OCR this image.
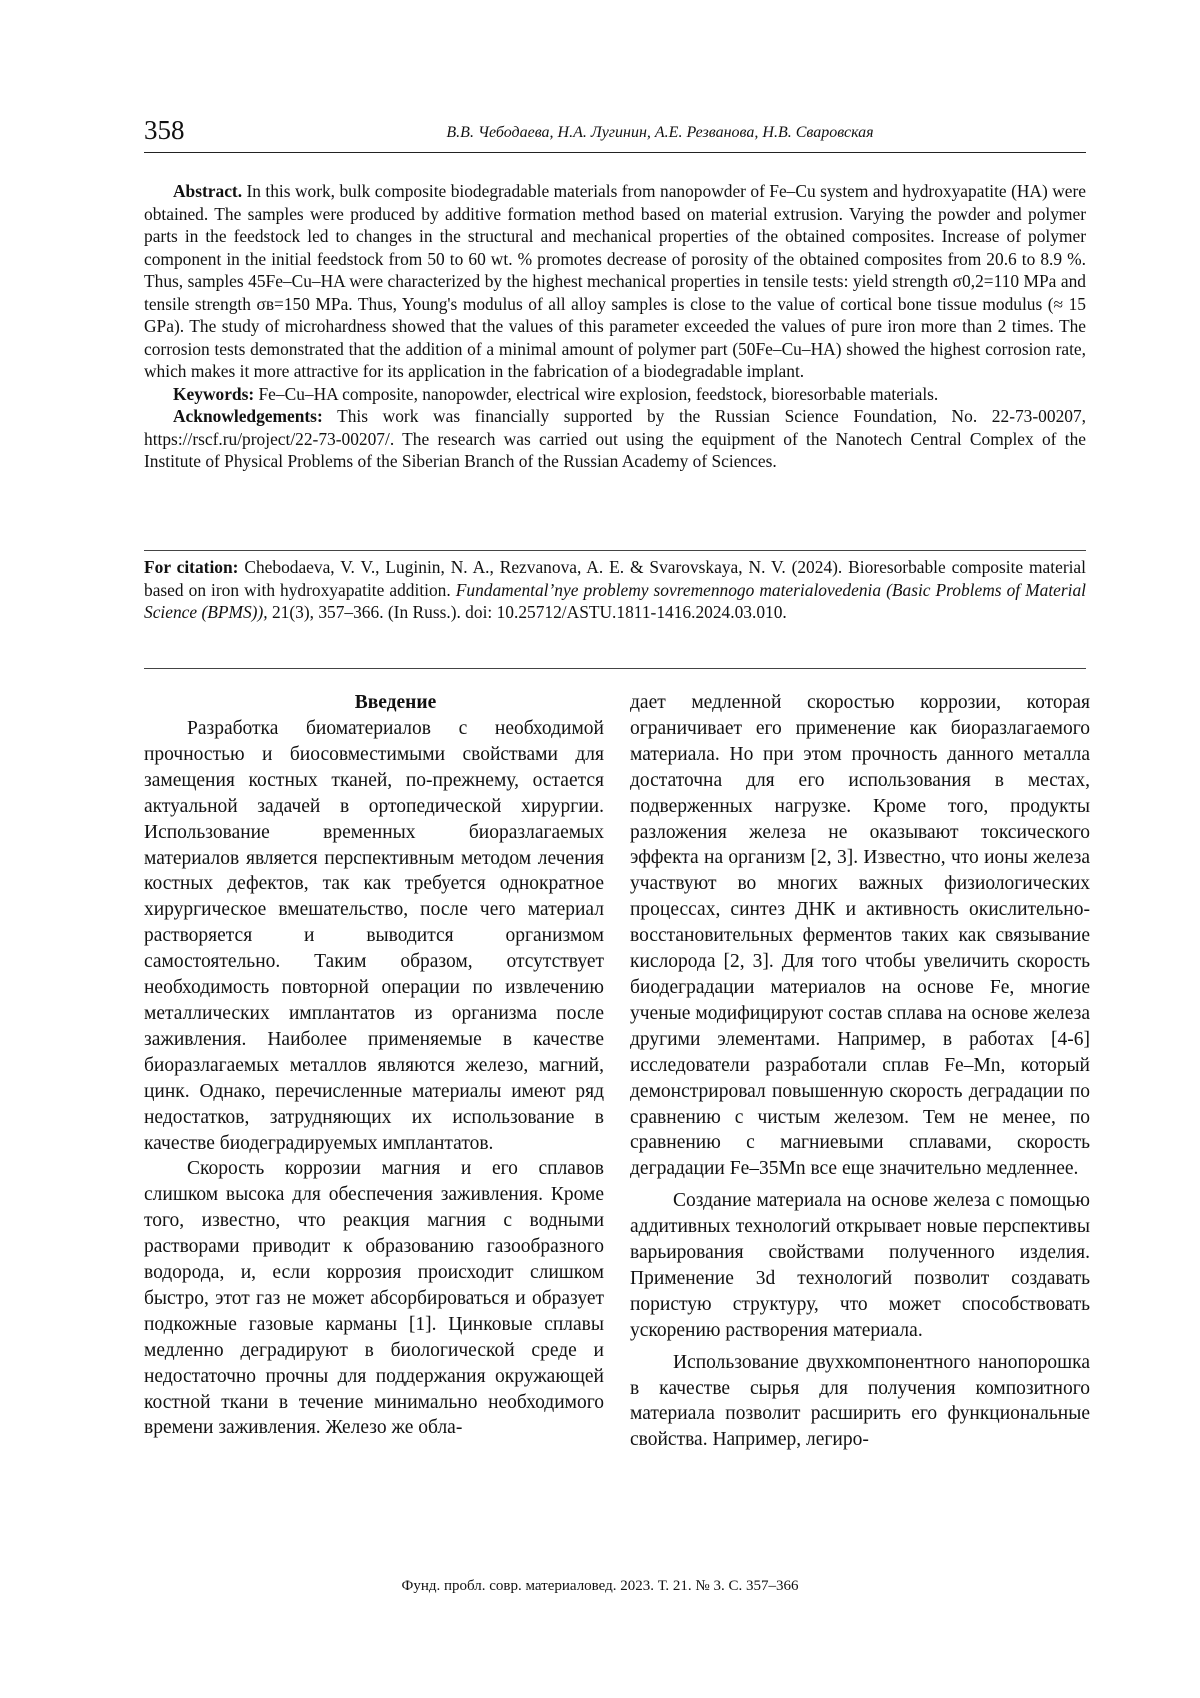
358	В.В. Чебодаева, Н.А. Лугинин, А.Е. Резванова, Н.В. Сваровская

Abstract. In this work, bulk composite biodegradable materials from nanopowder of Fe–Cu system and hydroxyapatite (HA) were obtained. The samples were produced by additive formation method based on material extrusion. Varying the powder and polymer parts in the feedstock led to changes in the structural and mechanical properties of the obtained composites. Increase of polymer component in the initial feedstock from 50 to 60 wt. % promotes decrease of porosity of the obtained composites from 20.6 to 8.9 %. Thus, samples 45Fe–Cu–HA were characterized by the highest mechanical properties in tensile tests: yield strength σ0,2=110 MPa and tensile strength σв=150 MPa. Thus, Young's modulus of all alloy samples is close to the value of cortical bone tissue modulus (≈ 15 GPa). The study of microhardness showed that the values of this parameter exceeded the values of pure iron more than 2 times. The corrosion tests demonstrated that the addition of a minimal amount of polymer part (50Fe–Cu–HA) showed the highest corrosion rate, which makes it more attractive for its application in the fabrication of a biodegradable implant.

Keywords: Fe–Cu–HA composite, nanopowder, electrical wire explosion, feedstock, bioresorbable materials.

Acknowledgements: This work was financially supported by the Russian Science Foundation, No. 22-73-00207, https://rscf.ru/project/22-73-00207/. The research was carried out using the equipment of the Nanotech Central Complex of the Institute of Physical Problems of the Siberian Branch of the Russian Academy of Sciences.

For citation: Chebodaeva, V. V., Luginin, N. A., Rezvanova, A. E. & Svarovskaya, N. V. (2024). Bioresorbable composite material based on iron with hydroxyapatite addition. Fundamental’nye problemy sovremennogo materialovedenia (Basic Problems of Material Science (BPMS)), 21(3), 357–366. (In Russ.). doi: 10.25712/ASTU.1811-1416.2024.03.010.

Введение

Разработка биоматериалов с необходимой прочностью и биосовместимыми свойствами для замещения костных тканей, по-прежнему, остается актуальной задачей в ортопедической хирургии. Использование временных биоразлагаемых материалов является перспективным методом лечения костных дефектов, так как требуется однократное хирургическое вмешательство, после чего материал растворяется и выводится организмом самостоятельно. Таким образом, отсутствует необходимость повторной операции по извлечению металлических имплантатов из организма после заживления. Наиболее применяемые в качестве биоразлагаемых металлов являются железо, магний, цинк. Однако, перечисленные материалы имеют ряд недостатков, затрудняющих их использование в качестве биодеградируемых имплантатов.

Скорость коррозии магния и его сплавов слишком высока для обеспечения заживления. Кроме того, известно, что реакция магния с водными растворами приводит к образованию газообразного водорода, и, если коррозия происходит слишком быстро, этот газ не может абсорбироваться и образует подкожные газовые карманы [1]. Цинковые сплавы медленно деградируют в биологической среде и недостаточно прочны для поддержания окружающей костной ткани в течение минимально необходимого времени заживления. Железо же обла-

дает медленной скоростью коррозии, которая ограничивает его применение как биоразлагаемого материала. Но при этом прочность данного металла достаточна для его использования в местах, подверженных нагрузке. Кроме того, продукты разложения железа не оказывают токсического эффекта на организм [2, 3]. Известно, что ионы железа участвуют во многих важных физиологических процессах, синтез ДНК и активность окислительно-восстановительных ферментов таких как связывание кислорода [2, 3]. Для того чтобы увеличить скорость биодеградации материалов на основе Fe, многие ученые модифицируют состав сплава на основе железа другими элементами. Например, в работах [4-6] исследователи разработали сплав Fe–Mn, который демонстрировал повышенную скорость деградации по сравнению с чистым железом. Тем не менее, по сравнению с магниевыми сплавами, скорость деградации Fe–35Mn все еще значительно медленнее.

Создание материала на основе железа с помощью аддитивных технологий открывает новые перспективы варьирования свойствами полученного изделия. Применение 3d технологий позволит создавать пористую структуру, что может способствовать ускорению растворения материала.

Использование двухкомпонентного нанопорошка в качестве сырья для получения композитного материала позволит расширить его функциональные свойства. Например, легиро-

Фунд. пробл. совр. материаловед. 2023. Т. 21. № 3. С. 357–366
